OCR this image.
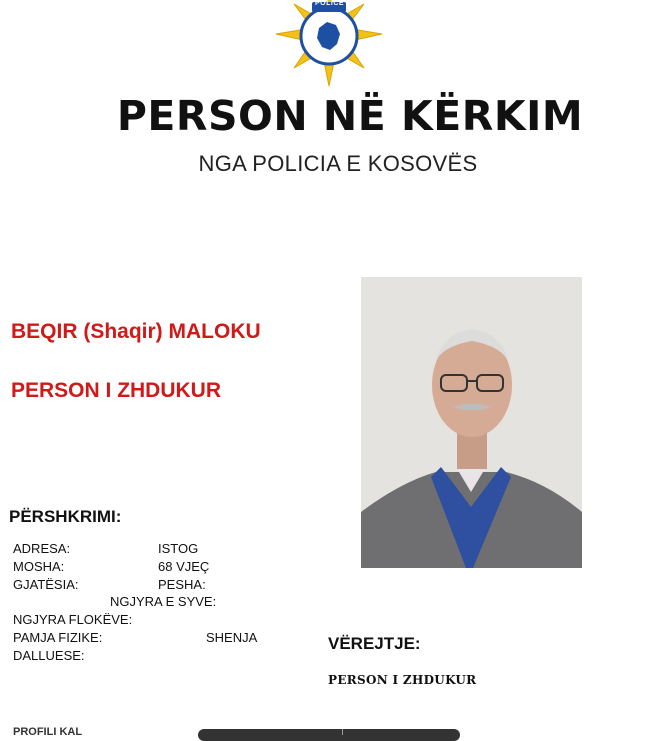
POLICE
PERSON NË KËRKIM
NGA POLICIA E KOSOVËS
BEQIR (Shaqir) MALOKU
PERSON I ZHDUKUR
PËRSHKRIMI:
ADRESA:	ISTOG
MOSHA:	68 VJEÇ
GJATËSIA:	PESHA:
NGJYRA E SYVE:
NGJYRA FLOKËVE:
PAMJA FIZIKE:	SHENJA
DALLUESE:
VËREJTJE:
PERSON I ZHDUKUR
PROFILI KAL
